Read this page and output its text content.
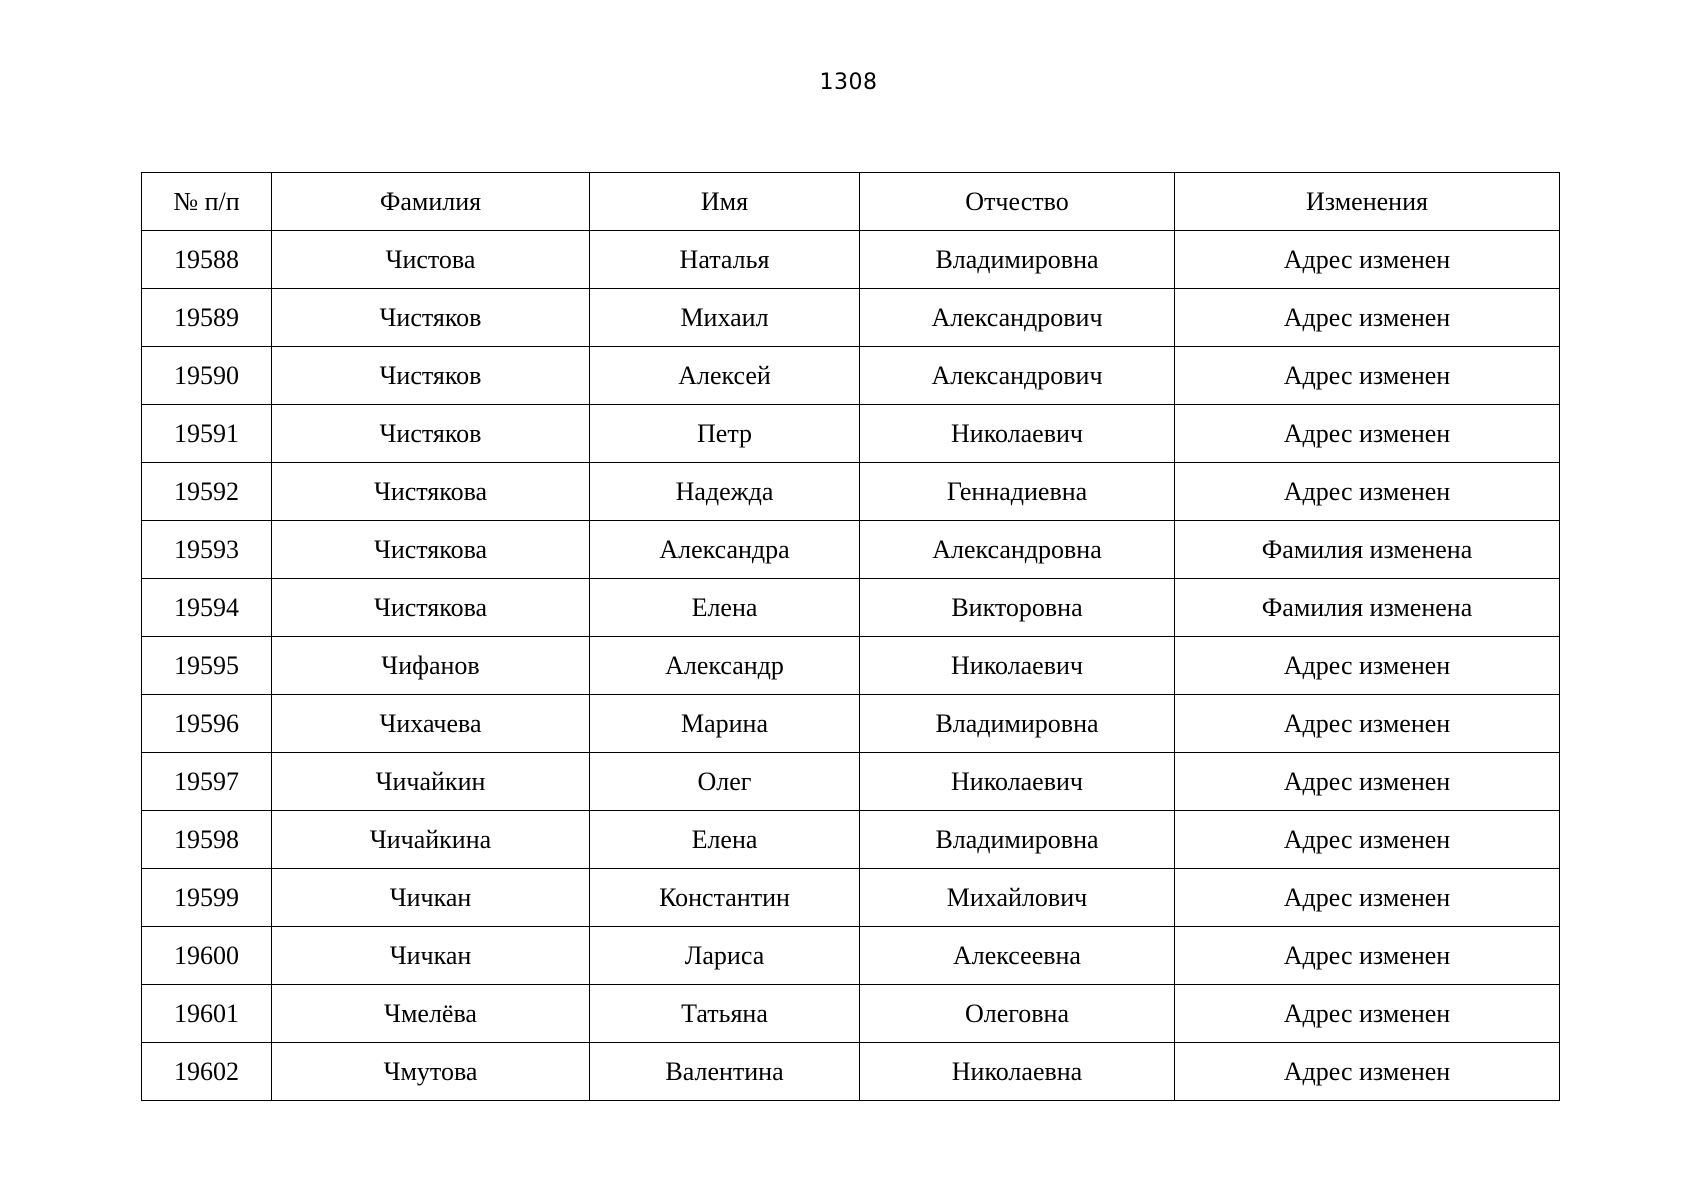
1308
№ п/п	Фамилия	Имя	Отчество	Изменения
19588	Чистова	Наталья	Владимировна	Адрес изменен
19589	Чистяков	Михаил	Александрович	Адрес изменен
19590	Чистяков	Алексей	Александрович	Адрес изменен
19591	Чистяков	Петр	Николаевич	Адрес изменен
19592	Чистякова	Надежда	Геннадиевна	Адрес изменен
19593	Чистякова	Александра	Александровна	Фамилия изменена
19594	Чистякова	Елена	Викторовна	Фамилия изменена
19595	Чифанов	Александр	Николаевич	Адрес изменен
19596	Чихачева	Марина	Владимировна	Адрес изменен
19597	Чичайкин	Олег	Николаевич	Адрес изменен
19598	Чичайкина	Елена	Владимировна	Адрес изменен
19599	Чичкан	Константин	Михайлович	Адрес изменен
19600	Чичкан	Лариса	Алексеевна	Адрес изменен
19601	Чмелёва	Татьяна	Олеговна	Адрес изменен
19602	Чмутова	Валентина	Николаевна	Адрес изменен
